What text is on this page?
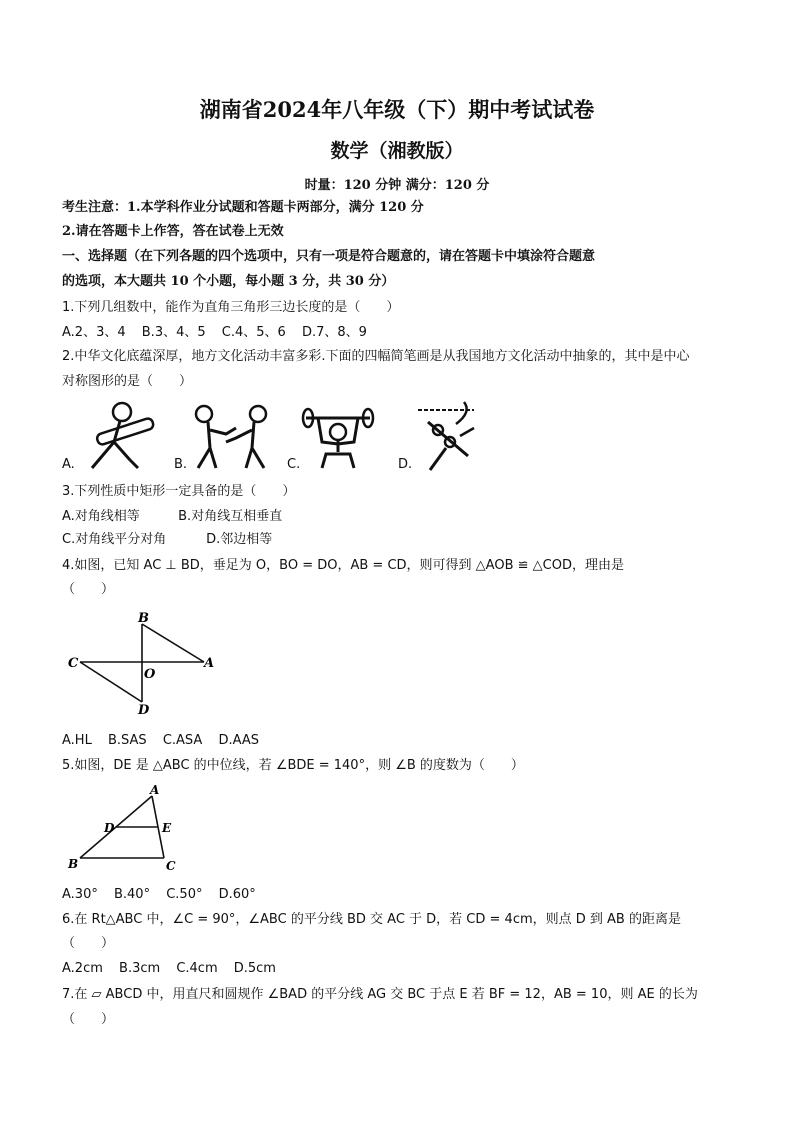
湖南省2024年八年级（下）期中考试试卷
数学（湘教版）
时量：120 分钟 满分：120 分
考生注意：1.本学科作业分试题和答题卡两部分，满分 120 分
2.请在答题卡上作答，答在试卷上无效
一、选择题（在下列各题的四个选项中，只有一项是符合题意的，请在答题卡中填涂符合题意
的选项，本大题共 10 个小题，每小题 3 分，共 30 分）
1.下列几组数中，能作为直角三角形三边长度的是（　　）
A.2、3、4 B.3、4、5 C.4、5、6 D.7、8、9
2.中华文化底蕴深厚，地方文化活动丰富多彩.下面的四幅简笔画是从我国地方文化活动中抽象的，其中是中心
对称图形的是（　　）
A.	B.	C.	D.
3.下列性质中矩形一定具备的是（　　）
A.对角线相等	B.对角线互相垂直
C.对角线平分对角	D.邻边相等
4.如图，已知 AC ⊥ BD，垂足为 O，BO = DO，AB = CD，则可得到 △AOB ≌ △COD，理由是
（　　）
B
C
O
A
D
A.HL B.SAS C.ASA D.AAS
5.如图，DE 是 △ABC 的中位线，若 ∠BDE = 140°，则 ∠B 的度数为（　　）
A
D	E
B	C
A.30° B.40° C.50° D.60°
6.在 Rt△ABC 中，∠C = 90°，∠ABC 的平分线 BD 交 AC 于 D，若 CD = 4cm，则点 D 到 AB 的距离是
（　　）
A.2cm B.3cm C.4cm D.5cm
7.在 ▱ ABCD 中，用直尺和圆规作 ∠BAD 的平分线 AG 交 BC 于点 E 若 BF = 12，AB = 10，则 AE 的长为
（　　）
